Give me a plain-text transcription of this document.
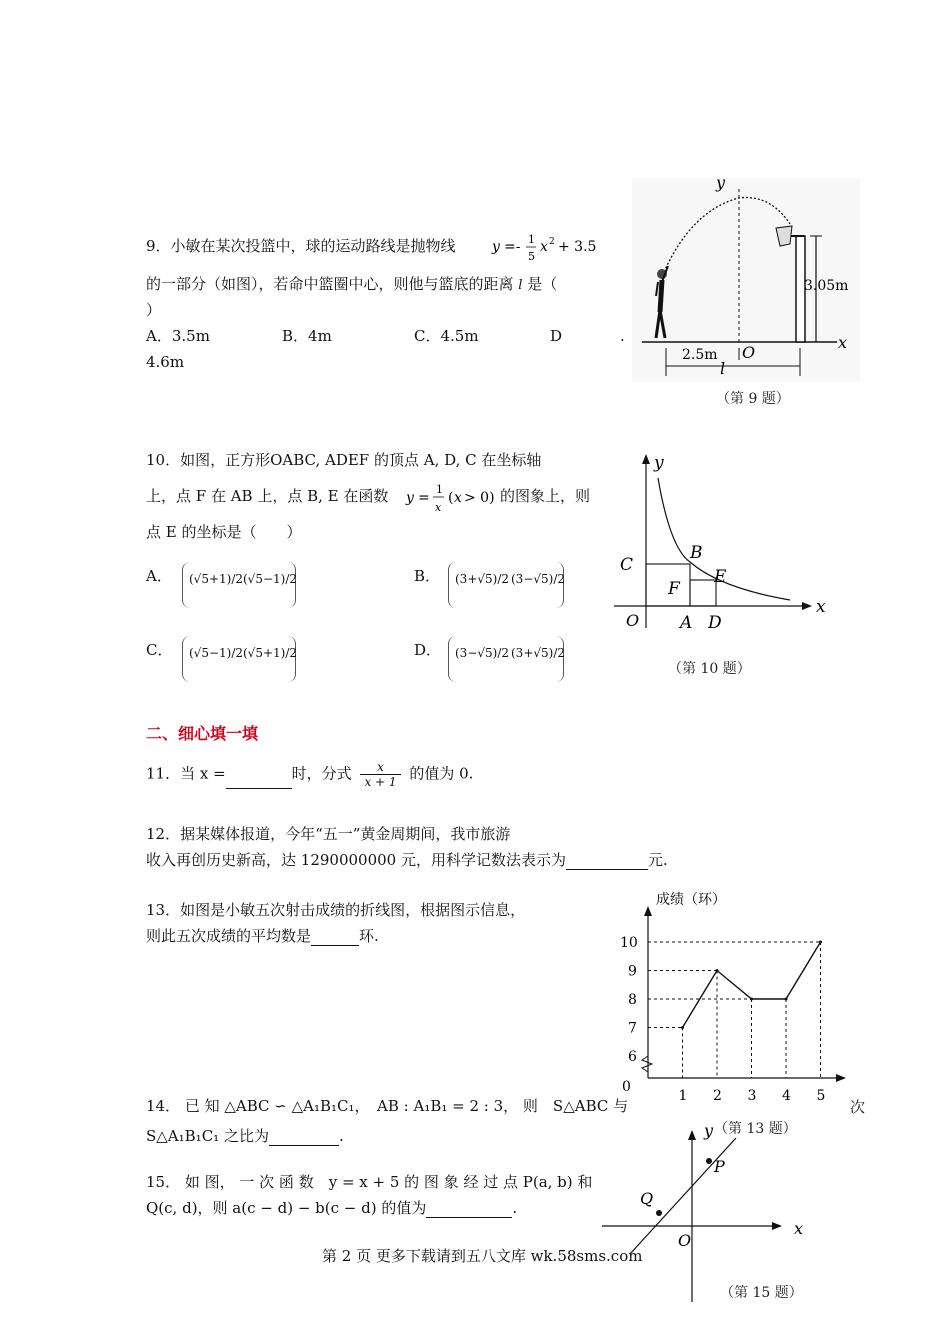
9．小敏在某次投篮中，球的运动路线是抛物线	y =- 1
5
x 2 + 3.5
的一部分（如图），若命中篮圈中心，则他与篮底的距离 l 是（
）
A．3.5m	B．4m	C．4.5m	D	.
4.6m
x
y
3.05m
2.5m O
l
（第 9 题）
10．如图，正方形OABC, ADEF 的顶点 A, D, C 在坐标轴
上，点 F 在 AB 上，点 B, E 在函数 y =
1
x
( x > 0) 的图象上，则
点 E 的坐标是（　　）
A． (√5+1)/2 (√5−1)/2	B． (3+√5)/2 (3−√5)/2
C． (√5−1)/2 (√5+1)/2	D． (3−√5)/2 (3+√5)/2
y
x
O
C
B
E
F
A D
（第 10 题）
二、细心填一填
11．当 x =	时，分式 $\frac{x}{x + 1}$ 的值为 0.
12．据某媒体报道，今年“五一”黄金周期间，我市旅游
收入再创历史新高，达 1290000000 元，用科学记数法表示为	元.
13．如图是小敏五次射击成绩的折线图，根据图示信息，
则此五次成绩的平均数是	环.
成绩（环）
0
6
7
8
9
10
1 2 3 4 5
次
（第 13 题）
14． 已 知 △ABC ∽ △A₁B₁C₁，　AB : A₁B₁ = 2 : 3， 则　S△ABC 与
S△A₁B₁C₁ 之比为	.
15． 如 图， 一 次 函 数　y = x + 5 的 图 象 经 过 点 P(a, b) 和
Q(c, d)，则 a(c − d) − b(c − d) 的值为	.
y
x
O
P
Q
（第 15 题）
第 2 页 更多下载请到五八文库 wk.58sms.com
